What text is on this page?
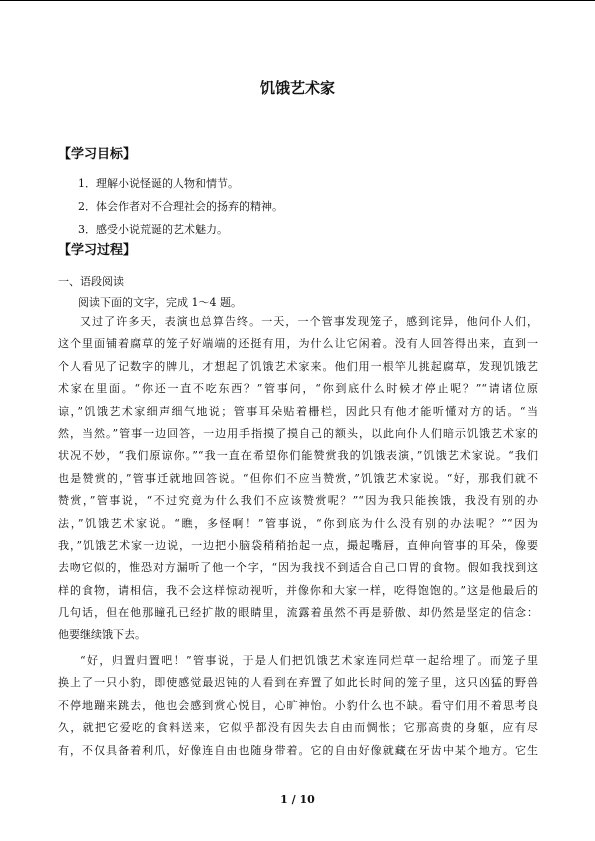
饥饿艺术家
【学习目标】
1．理解小说怪诞的人物和情节。
2．体会作者对不合理社会的扬弃的精神。
3．感受小说荒诞的艺术魅力。
【学习过程】
一、语段阅读
阅读下面的文字，完成 1～4 题。
又过了许多天，表演也总算告终。一天，一个管事发现笼子，感到诧异，他问仆人们，
这个里面铺着腐草的笼子好端端的还挺有用，为什么让它闲着。没有人回答得出来，直到一
个人看见了记数字的牌儿，才想起了饥饿艺术家来。他们用一根竿儿挑起腐草，发现饥饿艺
术家在里面。“你还一直不吃东西？”管事问，“你到底什么时候才停止呢？”“请诸位原
谅，”饥饿艺术家细声细气地说；管事耳朵贴着栅栏，因此只有他才能听懂对方的话。“当
然，当然。”管事一边回答，一边用手指摸了摸自己的额头，以此向仆人们暗示饥饿艺术家的
状况不妙，“我们原谅你。”“我一直在希望你们能赞赏我的饥饿表演，”饥饿艺术家说。“我们
也是赞赏的，”管事迁就地回答说。“但你们不应当赞赏，”饥饿艺术家说。“好，那我们就不
赞赏，”管事说，“不过究竟为什么我们不应该赞赏呢？”“因为我只能挨饿，我没有别的办
法，”饥饿艺术家说。“瞧，多怪啊！”管事说，“你到底为什么没有别的办法呢？”“因为
我，”饥饿艺术家一边说，一边把小脑袋稍稍抬起一点，撮起嘴唇，直伸向管事的耳朵，像要
去吻它似的，惟恐对方漏听了他一个字，“因为我找不到适合自己口胃的食物。假如我找到这
样的食物，请相信，我不会这样惊动视听，并像你和大家一样，吃得饱饱的。”这是他最后的
几句话，但在他那瞳孔已经扩散的眼睛里，流露着虽然不再是骄傲、却仍然是坚定的信念：
他要继续饿下去。
“好，归置归置吧！”管事说，于是人们把饥饿艺术家连同烂草一起给埋了。而笼子里
换上了一只小豹，即使感觉最迟钝的人看到在弃置了如此长时间的笼子里，这只凶猛的野兽
不停地蹦来跳去，他也会感到赏心悦目，心旷神怡。小豹什么也不缺。看守们用不着思考良
久，就把它爱吃的食料送来，它似乎都没有因失去自由而惆怅；它那高贵的身躯，应有尽
有，不仅具备着利爪，好像连自由也随身带着。它的自由好像就藏在牙齿中某个地方。它生
1 / 10
